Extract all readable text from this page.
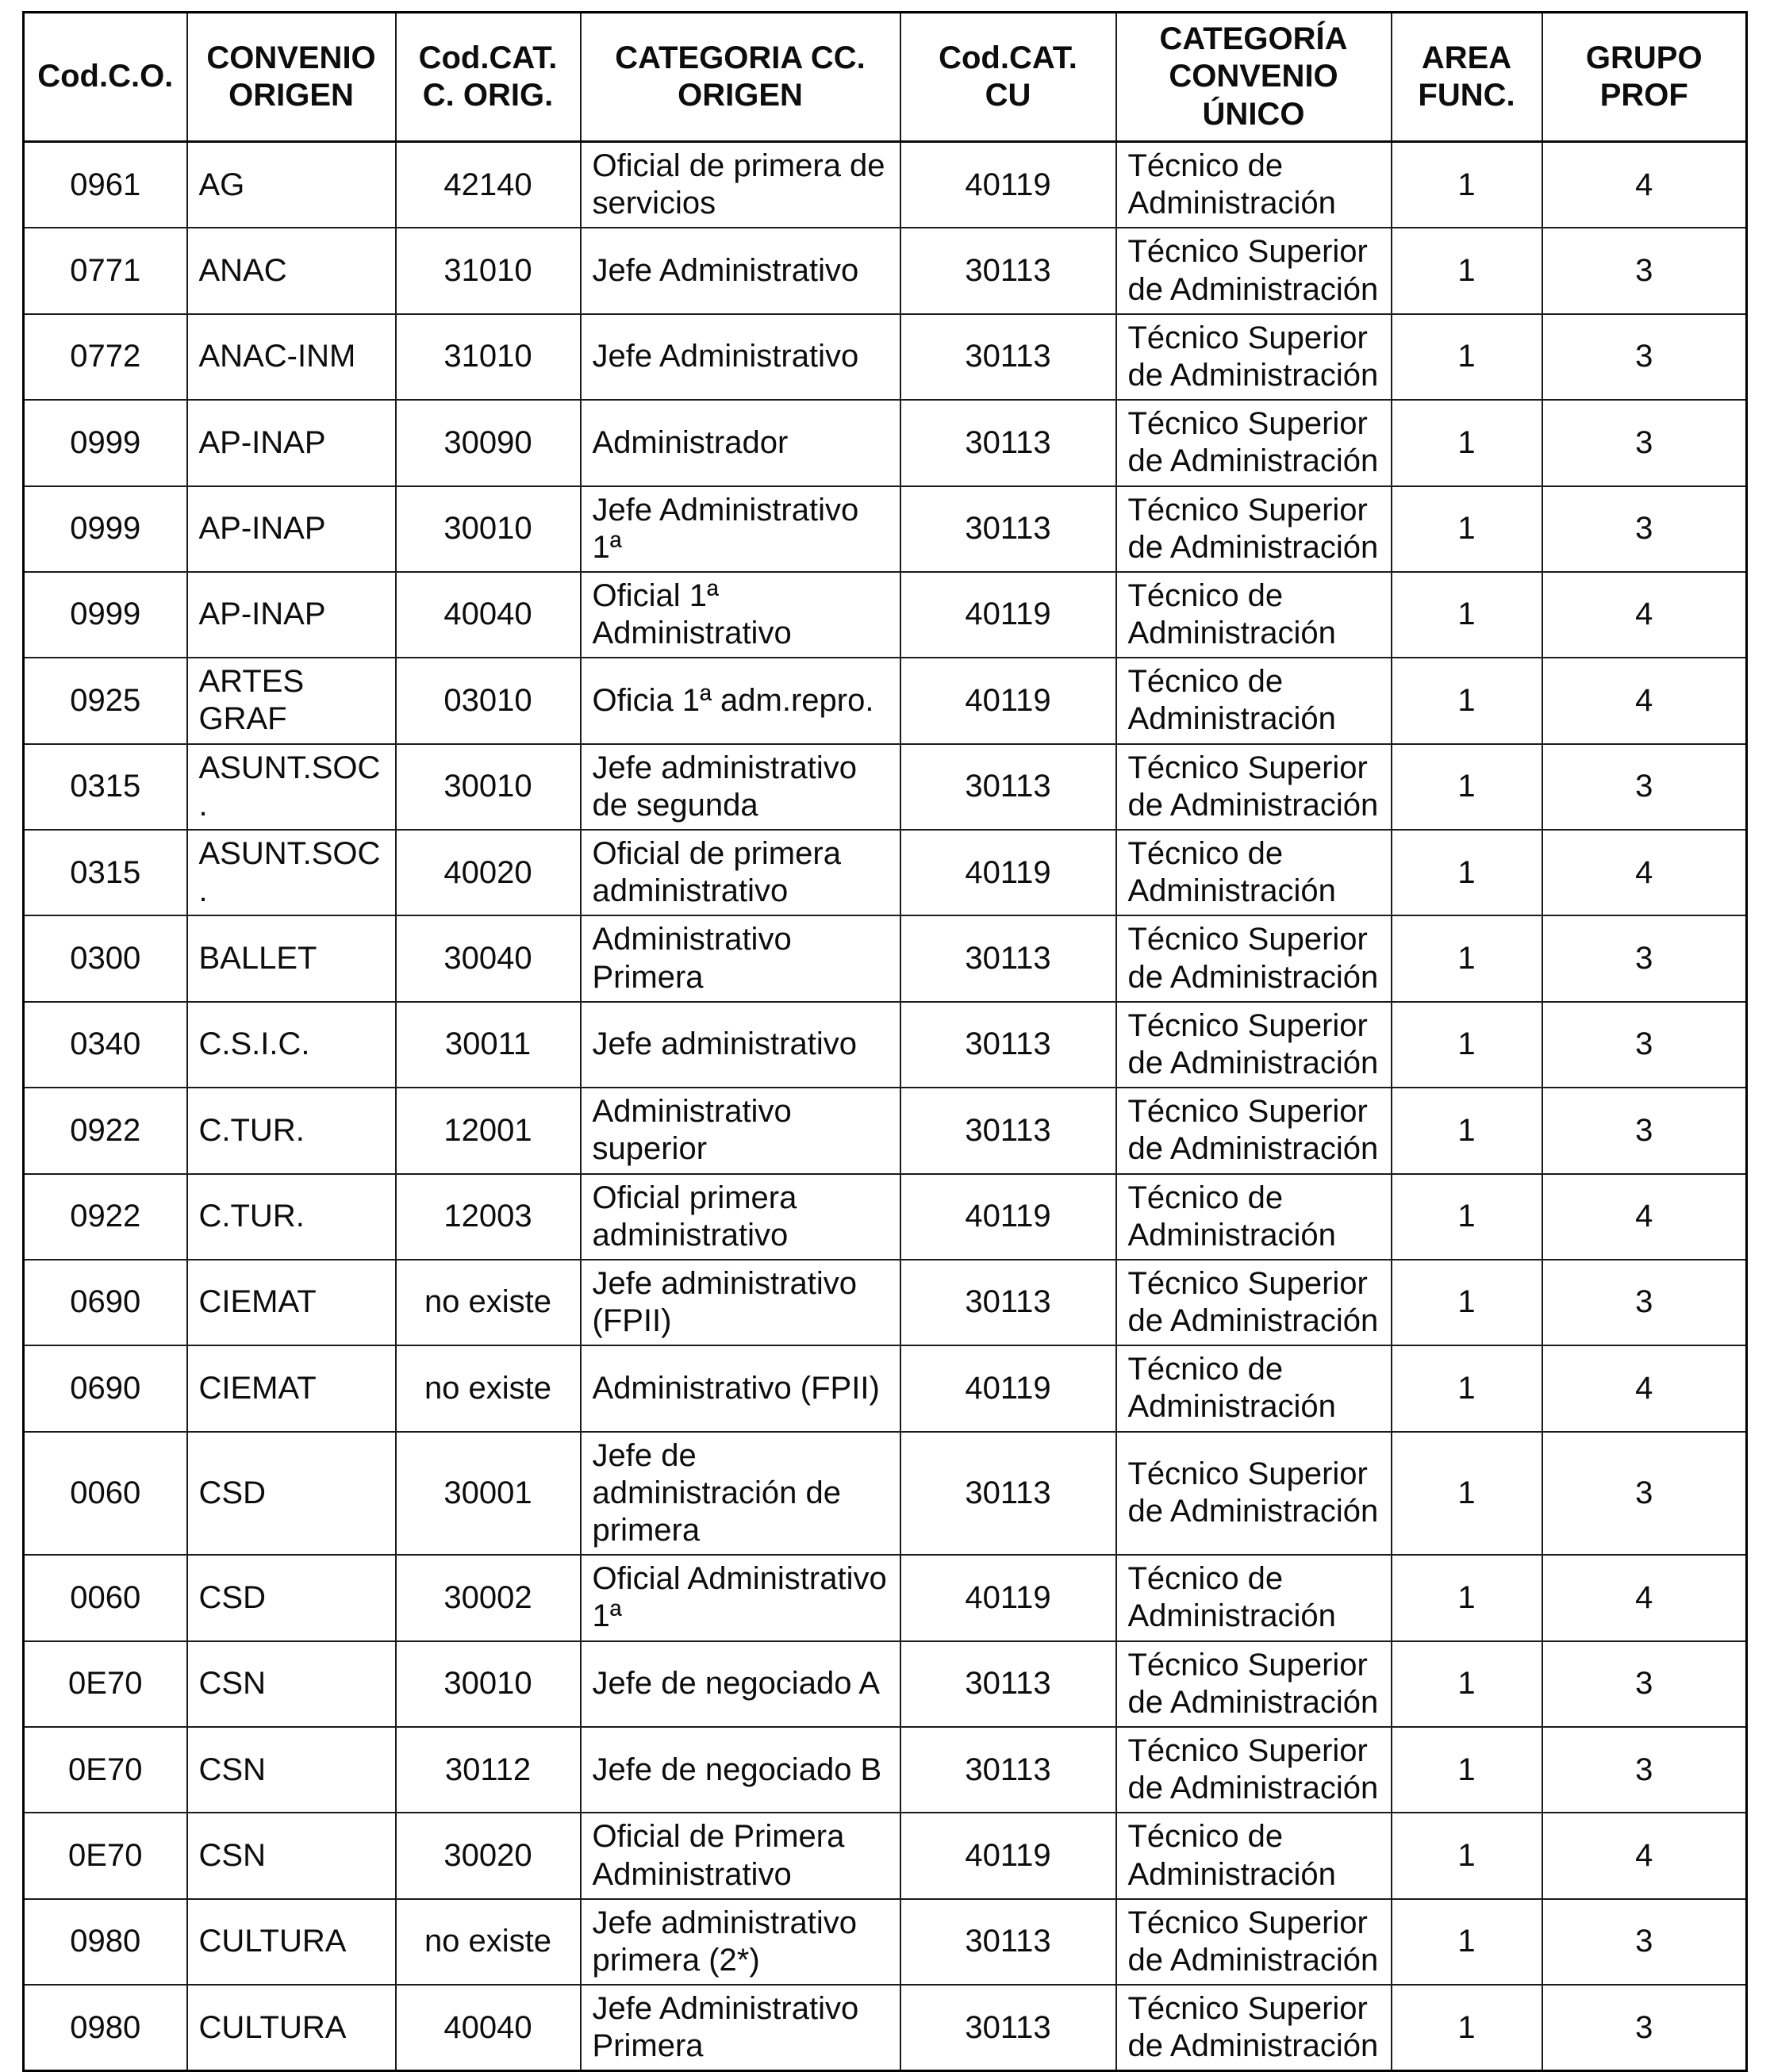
Cod.C.O.	CONVENIO ORIGEN	Cod.CAT. C. ORIG.	CATEGORIA CC. ORIGEN	Cod.CAT. CU	CATEGORÍA CONVENIO ÚNICO	AREA FUNC.	GRUPO PROF
0961	AG	42140	Oficial de primera de servicios	40119	Técnico de Administración	1	4
0771	ANAC	31010	Jefe Administrativo	30113	Técnico Superior de Administración	1	3
0772	ANAC-INM	31010	Jefe Administrativo	30113	Técnico Superior de Administración	1	3
0999	AP-INAP	30090	Administrador	30113	Técnico Superior de Administración	1	3
0999	AP-INAP	30010	Jefe Administrativo 1ª	30113	Técnico Superior de Administración	1	3
0999	AP-INAP	40040	Oficial 1ª Administrativo	40119	Técnico de Administración	1	4
0925	ARTES GRAF	03010	Oficia 1ª adm.repro.	40119	Técnico de Administración	1	4
0315	ASUNT.SOC.	30010	Jefe administrativo de segunda	30113	Técnico Superior de Administración	1	3
0315	ASUNT.SOC.	40020	Oficial de primera administrativo	40119	Técnico de Administración	1	4
0300	BALLET	30040	Administrativo Primera	30113	Técnico Superior de Administración	1	3
0340	C.S.I.C.	30011	Jefe administrativo	30113	Técnico Superior de Administración	1	3
0922	C.TUR.	12001	Administrativo superior	30113	Técnico Superior de Administración	1	3
0922	C.TUR.	12003	Oficial primera administrativo	40119	Técnico de Administración	1	4
0690	CIEMAT	no existe	Jefe administrativo (FPII)	30113	Técnico Superior de Administración	1	3
0690	CIEMAT	no existe	Administrativo (FPII)	40119	Técnico de Administración	1	4
0060	CSD	30001	Jefe de administración de primera	30113	Técnico Superior de Administración	1	3
0060	CSD	30002	Oficial Administrativo 1ª	40119	Técnico de Administración	1	4
0E70	CSN	30010	Jefe de negociado A	30113	Técnico Superior de Administración	1	3
0E70	CSN	30112	Jefe de negociado B	30113	Técnico Superior de Administración	1	3
0E70	CSN	30020	Oficial de Primera Administrativo	40119	Técnico de Administración	1	4
0980	CULTURA	no existe	Jefe administrativo primera (2*)	30113	Técnico Superior de Administración	1	3
0980	CULTURA	40040	Jefe Administrativo Primera	30113	Técnico Superior de Administración	1	3
